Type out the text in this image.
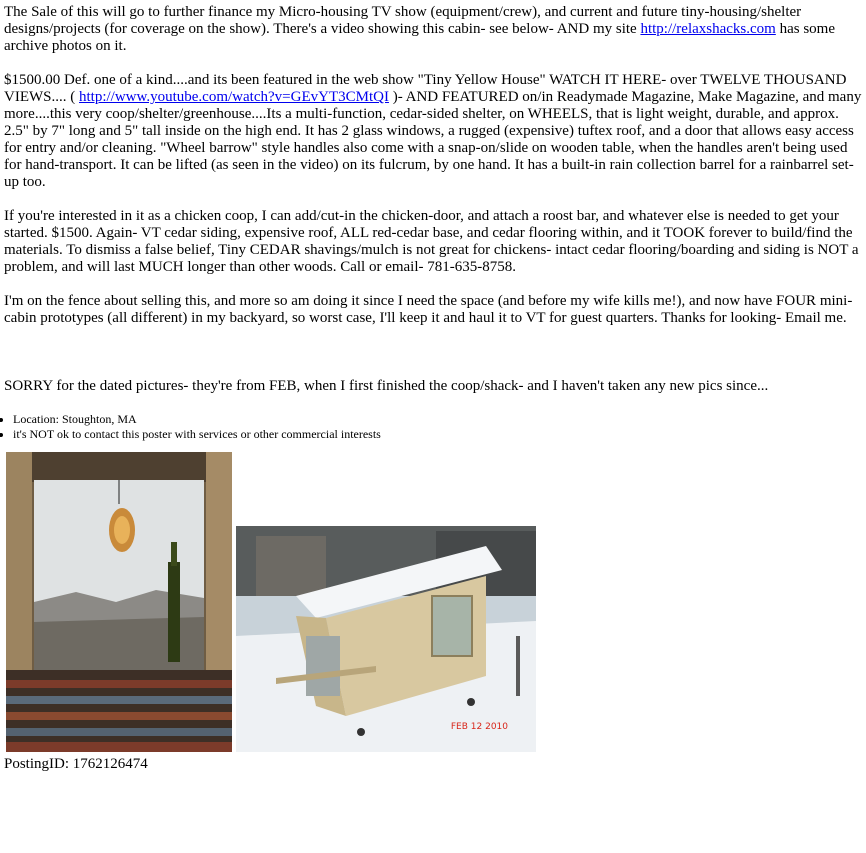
The Sale of this will go to further finance my Micro-housing TV show (equipment/crew), and current and future tiny-housing/shelter designs/projects (for coverage on the show). There's a video showing this cabin- see below- AND my site http://relaxshacks.com has some archive photos on it.

$1500.00 Def. one of a kind....and its been featured in the web show "Tiny Yellow House" WATCH IT HERE- over TWELVE THOUSAND VIEWS.... ( http://www.youtube.com/watch?v=GEvYT3CMtQI )- AND FEATURED on/in Readymade Magazine, Make Magazine, and many more....this very coop/shelter/greenhouse....Its a multi-function, cedar-sided shelter, on WHEELS, that is light weight, durable, and approx. 2.5" by 7" long and 5" tall inside on the high end. It has 2 glass windows, a rugged (expensive) tuftex roof, and a door that allows easy access for entry and/or cleaning. "Wheel barrow" style handles also come with a snap-on/slide on wooden table, when the handles aren't being used for hand-transport. It can be lifted (as seen in the video) on its fulcrum, by one hand. It has a built-in rain collection barrel for a rainbarrel set-up too.

If you're interested in it as a chicken coop, I can add/cut-in the chicken-door, and attach a roost bar, and whatever else is needed to get your started. $1500. Again- VT cedar siding, expensive roof, ALL red-cedar base, and cedar flooring within, and it TOOK forever to build/find the materials. To dismiss a false belief, Tiny CEDAR shavings/mulch is not great for chickens- intact cedar flooring/boarding and siding is NOT a problem, and will last MUCH longer than other woods. Call or email- 781-635-8758.

I'm on the fence about selling this, and more so am doing it since I need the space (and before my wife kills me!), and now have FOUR mini-cabin prototypes (all different) in my backyard, so worst case, I'll keep it and haul it to VT for guest quarters. Thanks for looking- Email me.

SORRY for the dated pictures- they're from FEB, when I first finished the coop/shack- and I haven't taken any new pics since...

• Location: Stoughton, MA
• it's NOT ok to contact this poster with services or other commercial interests
FEB 12 2010
PostingID: 1762126474
